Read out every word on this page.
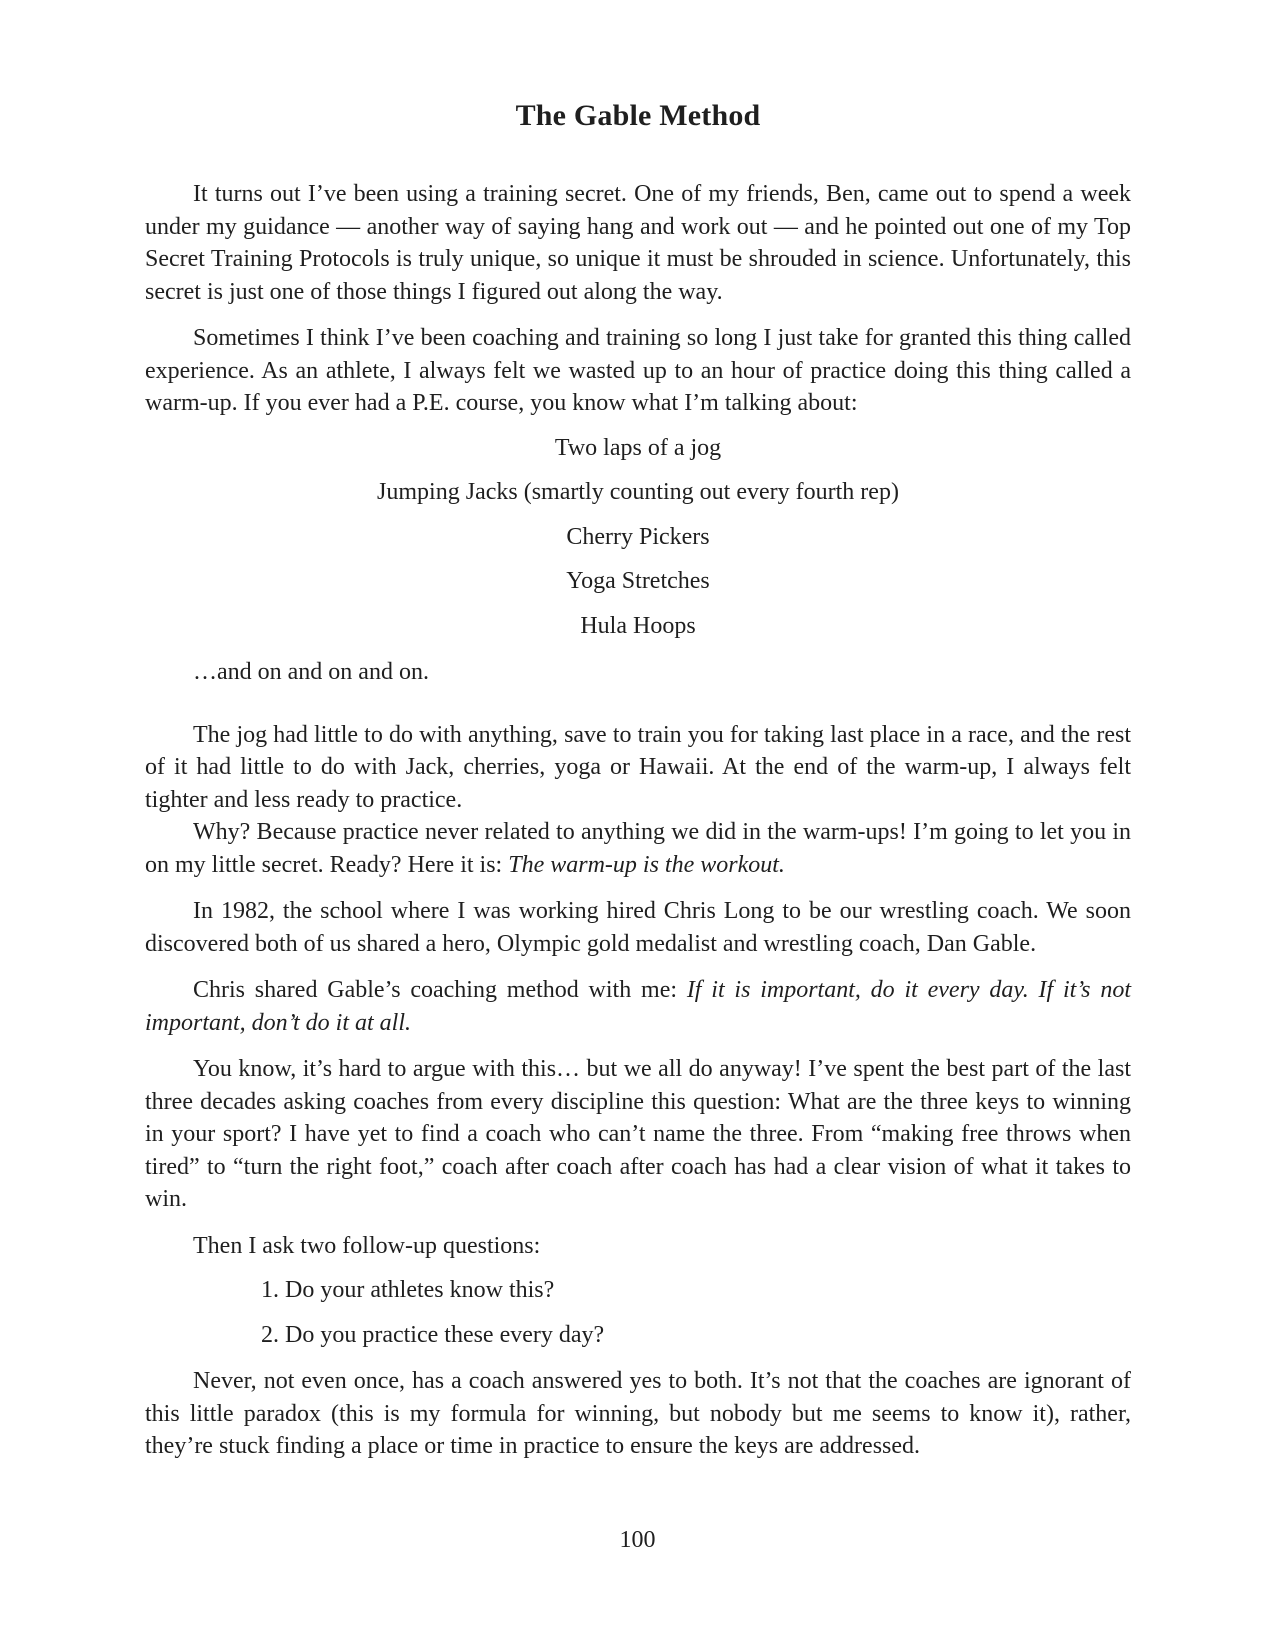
The Gable Method

It turns out I’ve been using a training secret. One of my friends, Ben, came out to spend a week under my guidance — another way of saying hang and work out — and he pointed out one of my Top Secret Training Protocols is truly unique, so unique it must be shrouded in science. Unfortunately, this secret is just one of those things I figured out along the way.

Sometimes I think I’ve been coaching and training so long I just take for granted this thing called experience. As an athlete, I always felt we wasted up to an hour of practice doing this thing called a warm-up. If you ever had a P.E. course, you know what I’m talking about:

Two laps of a jog

Jumping Jacks (smartly counting out every fourth rep)

Cherry Pickers

Yoga Stretches

Hula Hoops

…and on and on and on.

The jog had little to do with anything, save to train you for taking last place in a race, and the rest of it had little to do with Jack, cherries, yoga or Hawaii. At the end of the warm-up, I always felt tighter and less ready to practice.

Why? Because practice never related to anything we did in the warm-ups! I’m going to let you in on my little secret. Ready? Here it is: The warm-up is the workout.

In 1982, the school where I was working hired Chris Long to be our wrestling coach. We soon discovered both of us shared a hero, Olympic gold medalist and wrestling coach, Dan Gable.

Chris shared Gable’s coaching method with me: If it is important, do it every day. If it’s not important, don’t do it at all.

You know, it’s hard to argue with this… but we all do anyway! I’ve spent the best part of the last three decades asking coaches from every discipline this question: What are the three keys to winning in your sport? I have yet to find a coach who can’t name the three. From “making free throws when tired” to “turn the right foot,” coach after coach after coach has had a clear vision of what it takes to win.

Then I ask two follow-up questions:

1. Do your athletes know this?

2. Do you practice these every day?

Never, not even once, has a coach answered yes to both. It’s not that the coaches are ignorant of this little paradox (this is my formula for winning, but nobody but me seems to know it), rather, they’re stuck finding a place or time in practice to ensure the keys are addressed.

100
